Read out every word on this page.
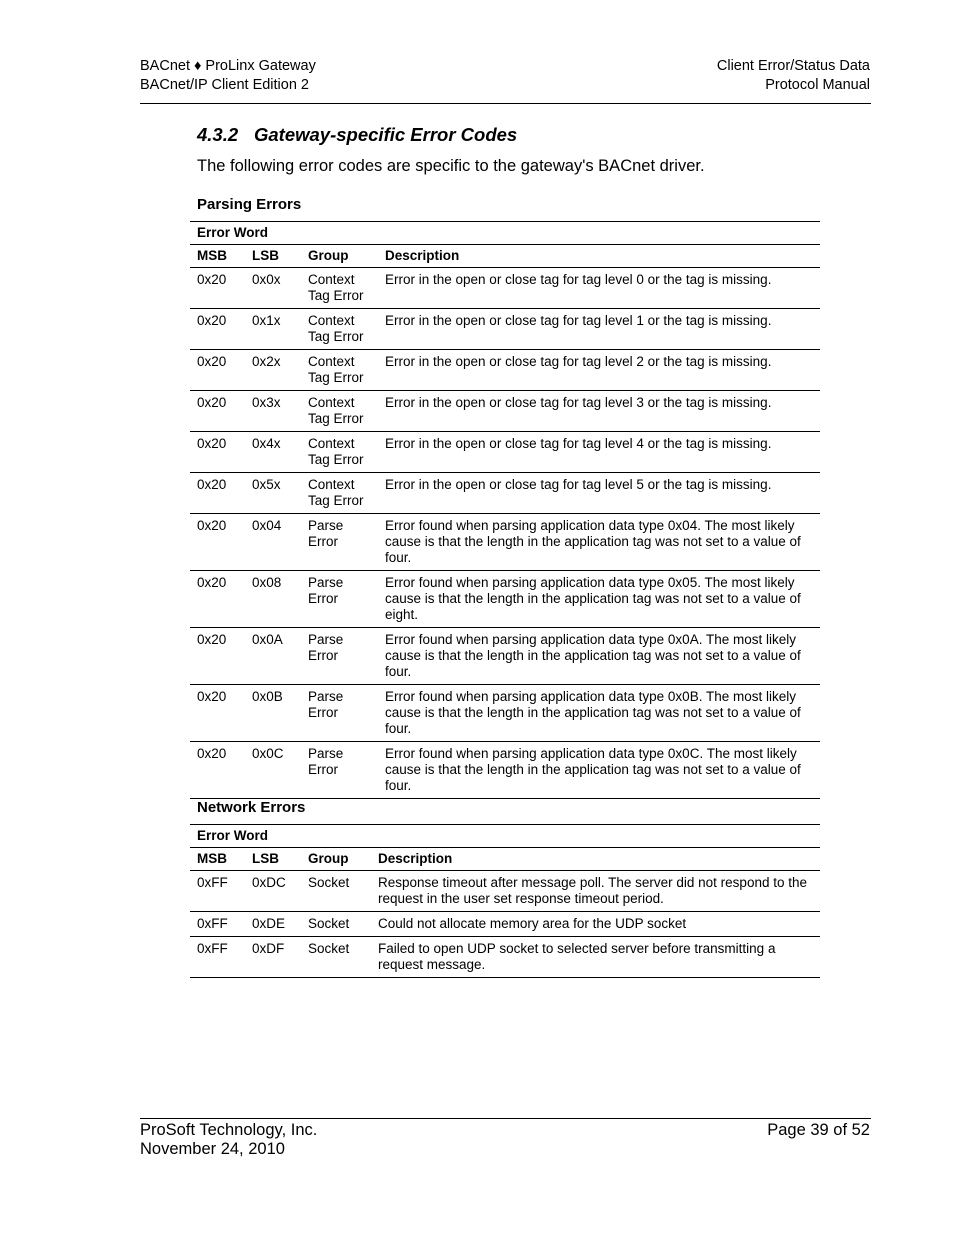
BACnet ♦ ProLinx Gateway
BACnet/IP Client Edition 2
Client Error/Status Data
Protocol Manual
4.3.2 Gateway-specific Error Codes
The following error codes are specific to the gateway's BACnet driver.
Parsing Errors
Error Word			
MSB	LSB	Group	Description
0x20	0x0x	Context Tag Error	Error in the open or close tag for tag level 0 or the tag is missing.
0x20	0x1x	Context Tag Error	Error in the open or close tag for tag level 1 or the tag is missing.
0x20	0x2x	Context Tag Error	Error in the open or close tag for tag level 2 or the tag is missing.
0x20	0x3x	Context Tag Error	Error in the open or close tag for tag level 3 or the tag is missing.
0x20	0x4x	Context Tag Error	Error in the open or close tag for tag level 4 or the tag is missing.
0x20	0x5x	Context Tag Error	Error in the open or close tag for tag level 5 or the tag is missing.
0x20	0x04	Parse Error	Error found when parsing application data type 0x04. The most likely cause is that the length in the application tag was not set to a value of four.
0x20	0x08	Parse Error	Error found when parsing application data type 0x05. The most likely cause is that the length in the application tag was not set to a value of eight.
0x20	0x0A	Parse Error	Error found when parsing application data type 0x0A. The most likely cause is that the length in the application tag was not set to a value of four.
0x20	0x0B	Parse Error	Error found when parsing application data type 0x0B. The most likely cause is that the length in the application tag was not set to a value of four.
0x20	0x0C	Parse Error	Error found when parsing application data type 0x0C. The most likely cause is that the length in the application tag was not set to a value of four.
Network Errors
Error Word			
MSB	LSB	Group	Description
0xFF	0xDC	Socket	Response timeout after message poll. The server did not respond to the request in the user set response timeout period.
0xFF	0xDE	Socket	Could not allocate memory area for the UDP socket
0xFF	0xDF	Socket	Failed to open UDP socket to selected server before transmitting a request message.
ProSoft Technology, Inc.
November 24, 2010
Page 39 of 52
